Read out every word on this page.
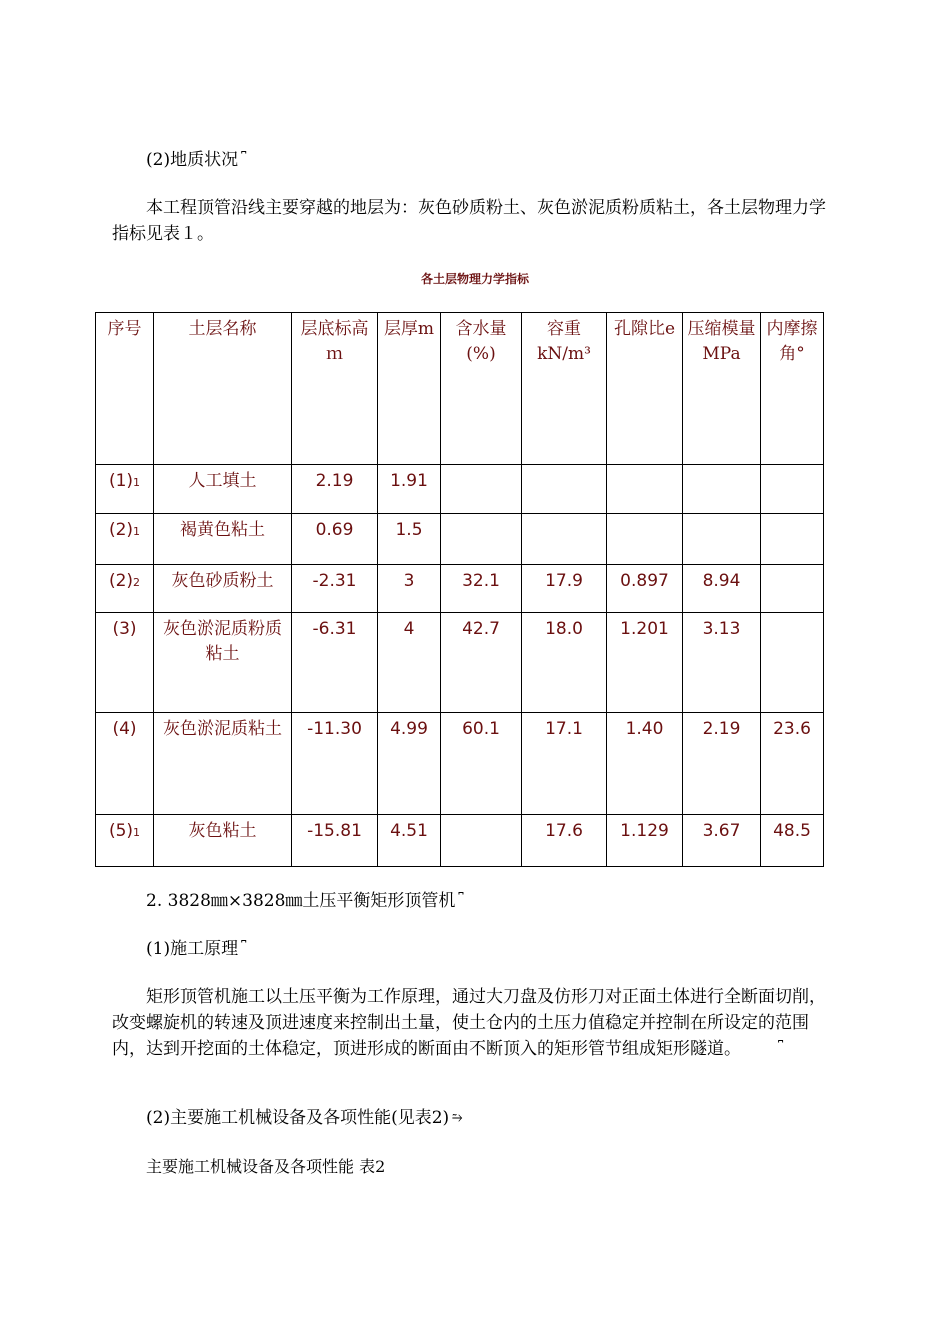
(2)地质状况 ⎴

本工程顶管沿线主要穿越的地层为：灰色砂质粉土、灰色淤泥质粉质粘土，各土层物理力学指标见表１。

各土层物理力学指标
序号	土层名称	层底标高ｍ	层厚m	含水量(%)	容重kN/m³	孔隙比e	压缩模量MPa	内摩擦角°
(1)1	人工填土	2.19	1.91					
(2)1	褐黄色粘土	0.69	1.5					
(2)2	灰色砂质粉土	-2.31	3	32.1	17.9	0.897	8.94	
(3)	灰色淤泥质粉质粘土	-6.31	4	42.7	18.0	1.201	3.13	
(4)	灰色淤泥质粘土	-11.30	4.99	60.1	17.1	1.40	2.19	23.6
(5)1	灰色粘土	-15.81	4.51		17.6	1.129	3.67	48.5

2. 3828㎜×3828㎜土压平衡矩形顶管机 ⎴

(1)施工原理 ⎴

矩形顶管机施工以土压平衡为工作原理，通过大刀盘及仿形刀对正面土体进行全断面切削，改变螺旋机的转速及顶进速度来控制出土量，使土仓内的土压力值稳定并控制在所设定的范围内，达到开挖面的土体稳定，顶进形成的断面由不断顶入的矩形管节组成矩形隧道。	⎴

(2)主要施工机械设备及各项性能(见表2) ⥲

主要施工机械设备及各项性能 表2
